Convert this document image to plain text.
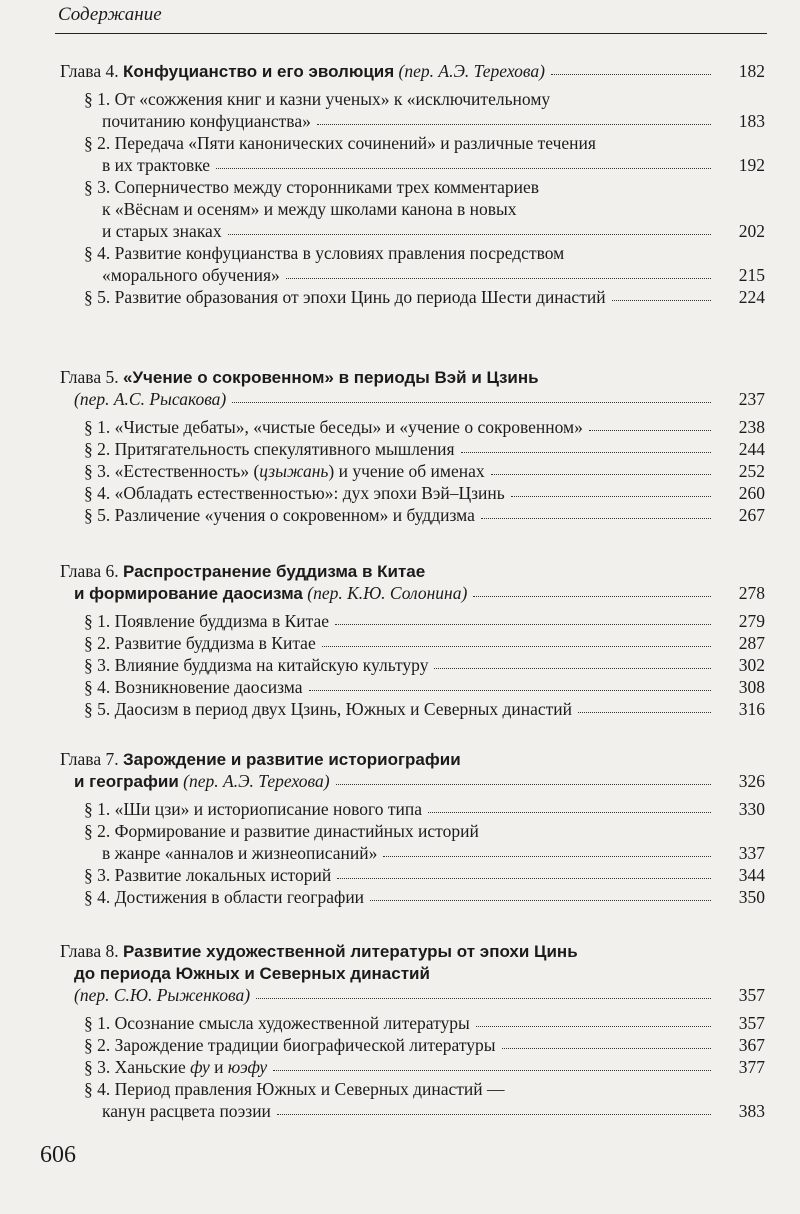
Содержание
Глава 4. Конфуцианство и его эволюция (пер. А.Э. Терехова)	182
§ 1. От «сожжения книг и казни ученых» к «исключительному
почитанию конфуцианства»	183
§ 2. Передача «Пяти канонических сочинений» и различные течения
в их трактовке	192
§ 3. Соперничество между сторонниками трех комментариев
к «Вёснам и осеням» и между школами канона в новых
и старых знаках	202
§ 4. Развитие конфуцианства в условиях правления посредством
«морального обучения»	215
§ 5. Развитие образования от эпохи Цинь до периода Шести династий	224
Глава 5. «Учение о сокровенном» в периоды Вэй и Цзинь
(пер. А.С. Рысакова)	237
§ 1. «Чистые дебаты», «чистые беседы» и «учение о сокровенном»	238
§ 2. Притягательность спекулятивного мышления	244
§ 3. «Естественность» (цзыжань) и учение об именах	252
§ 4. «Обладать естественностью»: дух эпохи Вэй–Цзинь	260
§ 5. Различение «учения о сокровенном» и буддизма	267
Глава 6. Распространение буддизма в Китае
и формирование даосизма (пер. К.Ю. Солонина)	278
§ 1. Появление буддизма в Китае	279
§ 2. Развитие буддизма в Китае	287
§ 3. Влияние буддизма на китайскую культуру	302
§ 4. Возникновение даосизма	308
§ 5. Даосизм в период двух Цзинь, Южных и Северных династий	316
Глава 7. Зарождение и развитие историографии
и географии (пер. А.Э. Терехова)	326
§ 1. «Ши цзи» и историописание нового типа	330
§ 2. Формирование и развитие династийных историй
в жанре «анналов и жизнеописаний»	337
§ 3. Развитие локальных историй	344
§ 4. Достижения в области географии	350
Глава 8. Развитие художественной литературы от эпохи Цинь
до периода Южных и Северных династий
(пер. С.Ю. Рыженкова)	357
§ 1. Осознание смысла художественной литературы	357
§ 2. Зарождение традиции биографической литературы	367
§ 3. Ханьские фу и юэфу	377
§ 4. Период правления Южных и Северных династий —
канун расцвета поэзии	383
606
